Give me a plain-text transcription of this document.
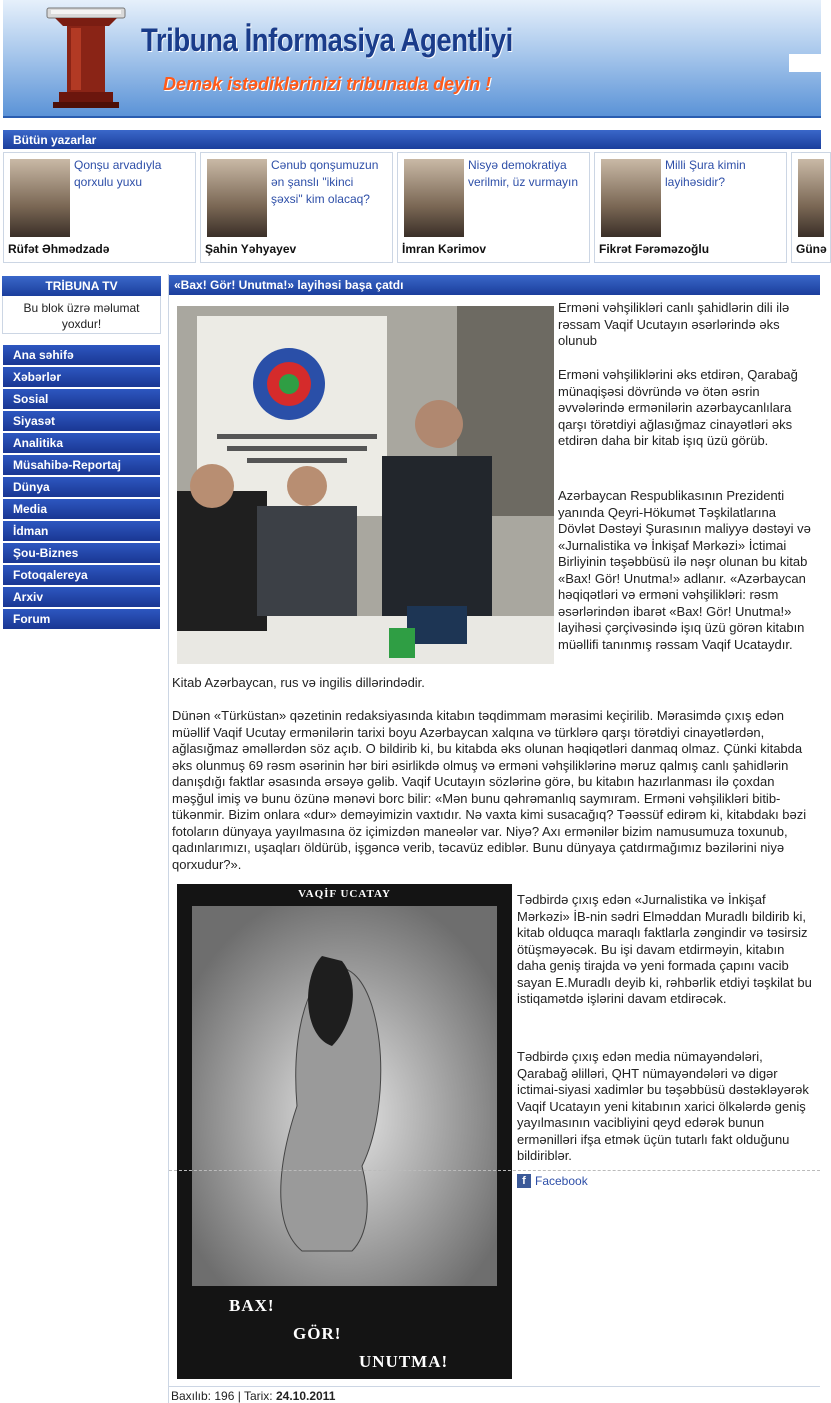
Tribuna İnformasiya Agentliyi
Demək istədiklərinizi tribunada deyin !
Bütün yazarlar
Qonşu arvadıyla qorxulu yuxu
Rüfət Əhmədzadə
Cənub qonşumuzun ən şanslı "ikinci şəxsi" kim olacaq?
Şahin Yəhyayev
Nisyə demokratiya verilmir, üz vurmayın
İmran Kərimov
Milli Şura kimin layihəsidir?
Fikrət Fərəməzoğlu	Günə
TRİBUNA TV
Bu blok üzrə məlumat yoxdur!
Ana səhifə
Xəbərlər
Sosial
Siyasət
Analitika
Müsahibə-Reportaj
Dünya
Media
İdman
Şou-Biznes
Fotoqalereya
Arxiv
Forum
«Bax! Gör! Unutma!» layihəsi başa çatdı

Erməni vəhşilikləri canlı şahidlərin dili ilə rəssam Vaqif Ucutayın əsərlərində əks olunub

Erməni vəhşiliklərini əks etdirən, Qarabağ münaqişəsi dövründə və ötən əsrin əvvələrində ermənilərin azərbaycanlılara qarşı törətdiyi ağlasığmaz cinayətləri əks etdirən daha bir kitab işıq üzü görüb.

Azərbaycan Respublikasının Prezidenti yanında Qeyri-Hökumət Təşkilatlarına Dövlət Dəstəyi Şurasının maliyyə dəstəyi və «Jurnalistika və İnkişaf Mərkəzi» İctimai Birliyinin təşəbbüsü ilə nəşr olunan bu kitab «Bax! Gör! Unutma!» adlanır. «Azərbaycan həqiqətləri və erməni vəhşilikləri: rəsm əsərlərindən ibarət «Bax! Gör! Unutma!» layihəsi çərçivəsində işıq üzü görən kitabın müəllifi tanınmış rəssam Vaqif Ucataydır.

Kitab Azərbaycan, rus və ingilis dillərindədir.

Dünən «Türküstan» qəzetinin redaksiyasında kitabın təqdimmam mərasimi keçirilib. Mərasimdə çıxış edən müəllif Vaqif Ucutay ermənilərin tarixi boyu Azərbaycan xalqına və türklərə qarşı törətdiyi cinayətlərdən, ağlasığmaz əməllərdən söz açıb. O bildirib ki, bu kitabda əks olunan həqiqətləri danmaq olmaz. Çünki kitabda əks olunmuş 69 rəsm əsərinin hər biri əsirlikdə olmuş və erməni vəhşiliklərinə məruz qalmış canlı şahidlərin danışdığı faktlar əsasında ərsəyə gəlib. Vaqif Ucutayın sözlərinə görə, bu kitabın hazırlanması ilə çoxdan məşğul imiş və bunu özünə mənəvi borc bilir: «Mən bunu qəhrəmanlıq saymıram. Erməni vəhşilikləri bitib-tükənmir. Bizim onlara «dur» deməyimizin vaxtıdır. Nə vaxta kimi susacağıq? Təəssüf edirəm ki, kitabdakı bəzi fotoların dünyaya yayılmasına öz içimizdən manеələr var. Niyə? Axı ermənilər bizim namusumuza toxunub, qadınlarımızı, uşaqları öldürüb, işgəncə verib, təcavüz ediblər. Bunu dünyaya çatdırmağımız bəzilərini niyə qorxudur?».

VAQİF UCATAY
BAX!
GÖR!
UNUTMA!

Tədbirdə çıxış edən «Jurnalistika və İnkişaf Mərkəzi» İB-nin sədri Elməddan Muradlı bildirib ki, kitab olduqca maraqlı faktlarla zəngindir və təsirsiz ötüşməyəcək. Bu işi davam etdirməyin, kitabın daha geniş tirajda və yeni formada çapını vacib sayan E.Muradlı deyib ki, rəhbərlik etdiyi təşkilat bu istiqamətdə işlərini davam etdirəcək.

Tədbirdə çıxış edən media nümayəndələri, Qarabağ əlilləri, QHT nümayəndələri və digər ictimai-siyasi xadimlər bu təşəbbüsü dəstəkləyərək Vaqif Ucatayın yeni kitabının xarici ölkələrdə geniş yayılmasının vacibliyini qeyd edərək bunun ermənilləri ifşa etmək üçün tutarlı fakt olduğunu bildiriblər.

f Facebook
Baxılıb: 196 | Tarix: 24.10.2011
